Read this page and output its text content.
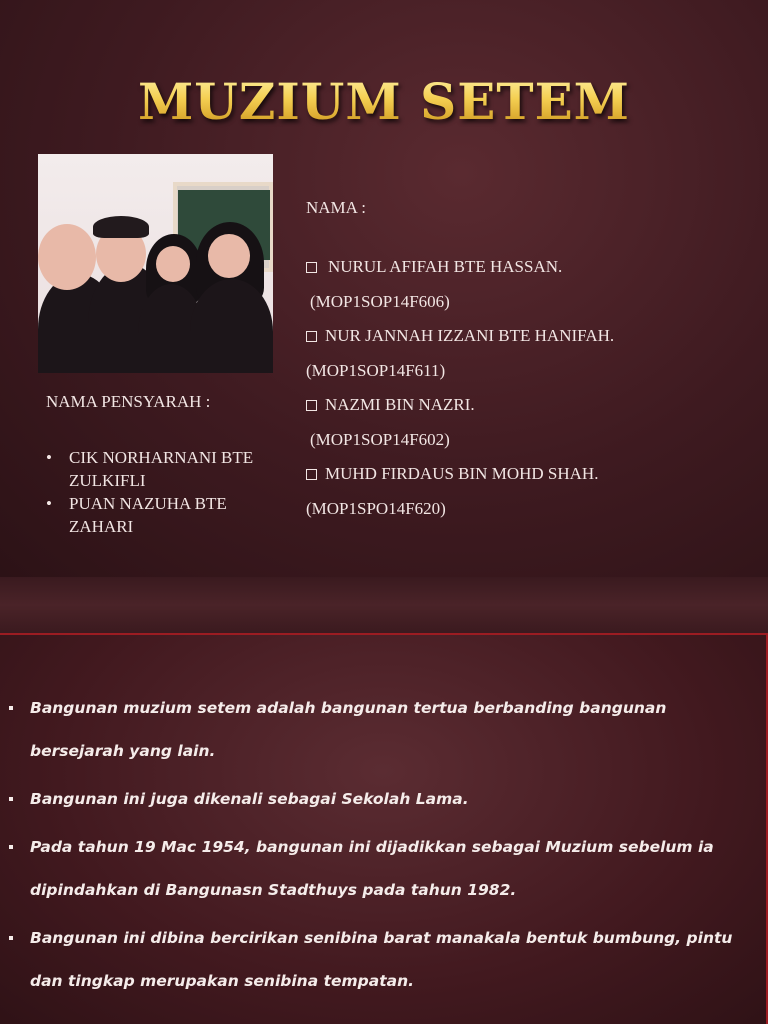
MUZIUM SETEM
NAMA :
NURUL AFIFAH BTE HASSAN.
(MOP1SOP14F606)
NUR JANNAH IZZANI BTE HANIFAH.
(MOP1SOP14F611)
NAZMI BIN NAZRI.
(MOP1SOP14F602)
MUHD FIRDAUS BIN MOHD SHAH.
(MOP1SPO14F620)
NAMA PENSYARAH :
•	CIK NORHARNANI BTE ZULKIFLI
•	PUAN NAZUHA BTE ZAHARI
Bangunan muzium setem adalah bangunan tertua berbanding bangunan
bersejarah yang lain.
Bangunan ini juga dikenali sebagai Sekolah Lama.
Pada tahun 19 Mac 1954, bangunan ini dijadikkan sebagai Muzium sebelum ia
dipindahkan di Bangunasn Stadthuys pada tahun 1982.
Bangunan ini dibina bercirikan senibina barat manakala bentuk bumbung, pintu
dan tingkap merupakan senibina tempatan.
